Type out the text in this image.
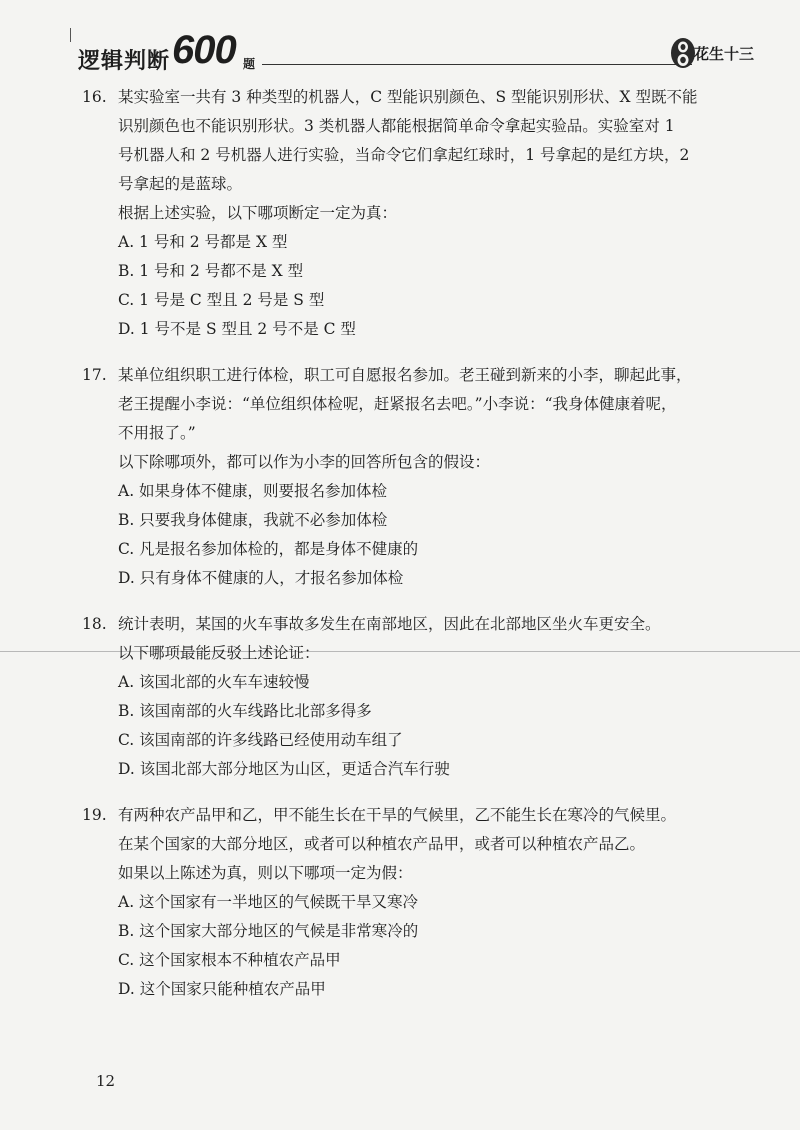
逻辑判断 600 题
花生十三
16. 某实验室一共有 3 种类型的机器人，C 型能识别颜色、S 型能识别形状、X 型既不能

识别颜色也不能识别形状。3 类机器人都能根据简单命令拿起实验品。实验室对 1

号机器人和 2 号机器人进行实验，当命令它们拿起红球时，1 号拿起的是红方块，2

号拿起的是蓝球。

根据上述实验，以下哪项断定一定为真：

A. 1 号和 2 号都是 X 型
B. 1 号和 2 号都不是 X 型
C. 1 号是 C 型且 2 号是 S 型
D. 1 号不是 S 型且 2 号不是 C 型
17. 某单位组织职工进行体检，职工可自愿报名参加。老王碰到新来的小李，聊起此事，

老王提醒小李说：“单位组织体检呢，赶紧报名去吧。”小李说：“我身体健康着呢，

不用报了。”

以下除哪项外，都可以作为小李的回答所包含的假设：

A. 如果身体不健康，则要报名参加体检
B. 只要我身体健康，我就不必参加体检
C. 凡是报名参加体检的，都是身体不健康的
D. 只有身体不健康的人，才报名参加体检
18. 统计表明，某国的火车事故多发生在南部地区，因此在北部地区坐火车更安全。

以下哪项最能反驳上述论证：

A. 该国北部的火车车速较慢
B. 该国南部的火车线路比北部多得多
C. 该国南部的许多线路已经使用动车组了
D. 该国北部大部分地区为山区，更适合汽车行驶
19. 有两种农产品甲和乙，甲不能生长在干旱的气候里，乙不能生长在寒冷的气候里。

在某个国家的大部分地区，或者可以种植农产品甲，或者可以种植农产品乙。

如果以上陈述为真，则以下哪项一定为假：

A. 这个国家有一半地区的气候既干旱又寒冷
B. 这个国家大部分地区的气候是非常寒冷的
C. 这个国家根本不种植农产品甲
D. 这个国家只能种植农产品甲
12
